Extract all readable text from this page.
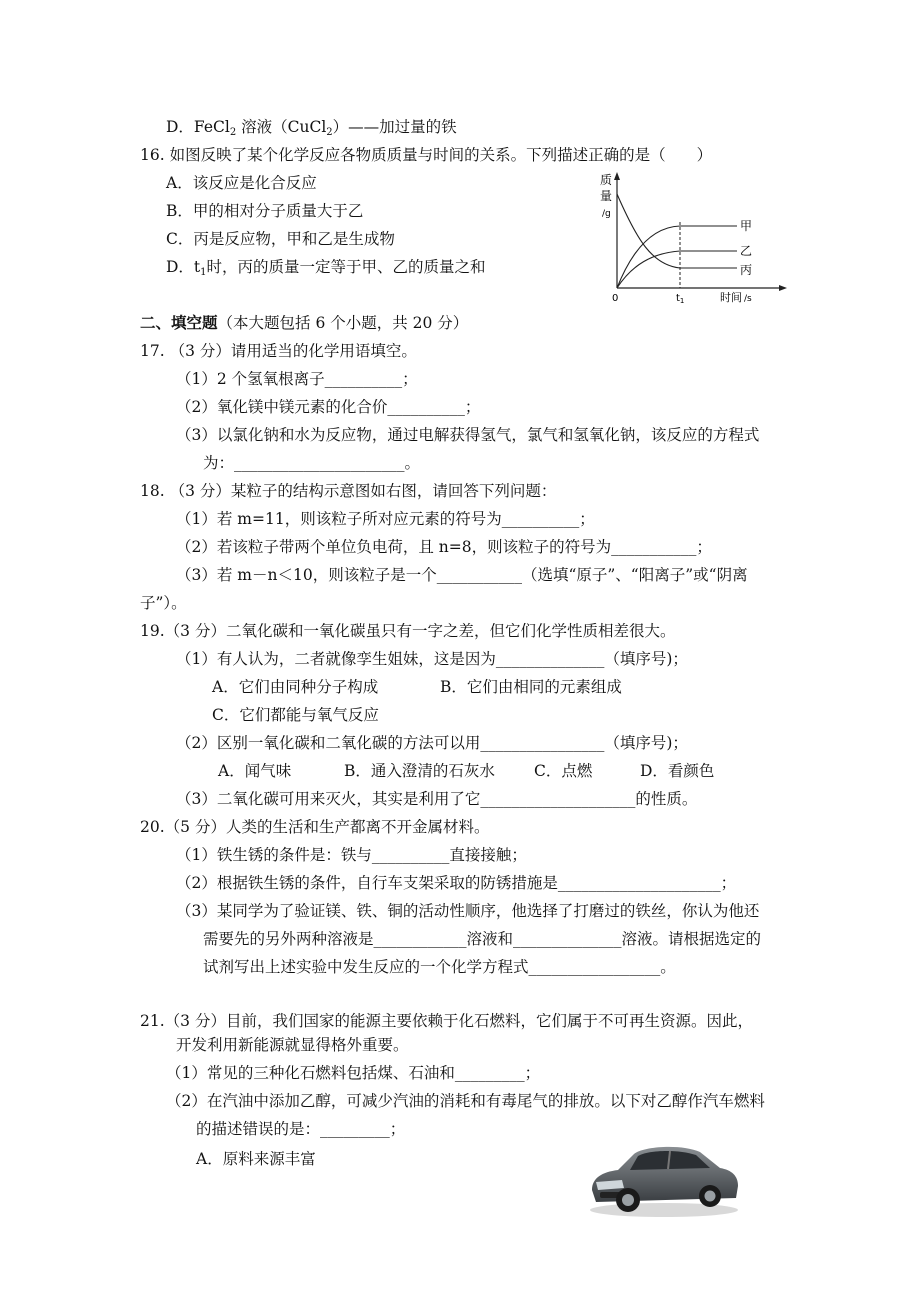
D．FeCl$_2$ 溶液（CuCl$_2$）——加过量的铁
16. 如图反映了某个化学反应各物质质量与时间的关系。下列描述正确的是（　　）
A．该反应是化合反应
B．甲的相对分子质量大于乙
C．丙是反应物，甲和乙是生成物
D．$t_1$时，丙的质量一定等于甲、乙的质量之和
质
量
/g
0	$t_1$	时间 /s
甲
乙
丙
二、填空题（本大题包括 6 个小题，共 20 分）
17. （3 分）请用适当的化学用语填空。
（1）2 个氢氧根离子__________；
（2）氧化镁中镁元素的化合价__________；
（3）以氯化钠和水为反应物，通过电解获得氢气，氯气和氢氧化钠，该反应的方程式
为：______________________。
18. （3 分）某粒子的结构示意图如右图，请回答下列问题：
（1）若 m=11，则该粒子所对应元素的符号为__________；
（2）若该粒子带两个单位负电荷，且 n=8，则该粒子的符号为___________；
（3）若 m－n＜10，则该粒子是一个___________（选填“原子”、“阳离子”或“阴离
子”）。
19.（3 分）二氧化碳和一氧化碳虽只有一字之差，但它们化学性质相差很大。
（1）有人认为，二者就像孪生姐妹，这是因为______________（填序号)；
A．它们由同种分子构成	B．它们由相同的元素组成
C．它们都能与氧气反应
（2）区别一氧化碳和二氧化碳的方法可以用________________（填序号)；
A．闻气味	B．通入澄清的石灰水	C．点燃	D．看颜色
（3）二氧化碳可用来灭火，其实是利用了它____________________的性质。
20.（5 分）人类的生活和生产都离不开金属材料。
（1）铁生锈的条件是：铁与__________直接接触；
（2）根据铁生锈的条件，自行车支架采取的防锈措施是_____________________；
（3）某同学为了验证镁、铁、铜的活动性顺序，他选择了打磨过的铁丝，你认为他还
需要先的另外两种溶液是____________溶液和______________溶液。请根据选定的
试剂写出上述实验中发生反应的一个化学方程式_________________。
21.（3 分）目前，我们国家的能源主要依赖于化石燃料，它们属于不可再生资源。因此，
开发利用新能源就显得格外重要。
（1）常见的三种化石燃料包括煤、石油和_________；
（2）在汽油中添加乙醇，可减少汽油的消耗和有毒尾气的排放。以下对乙醇作汽车燃料
的描述错误的是：_________；
A．原料来源丰富
